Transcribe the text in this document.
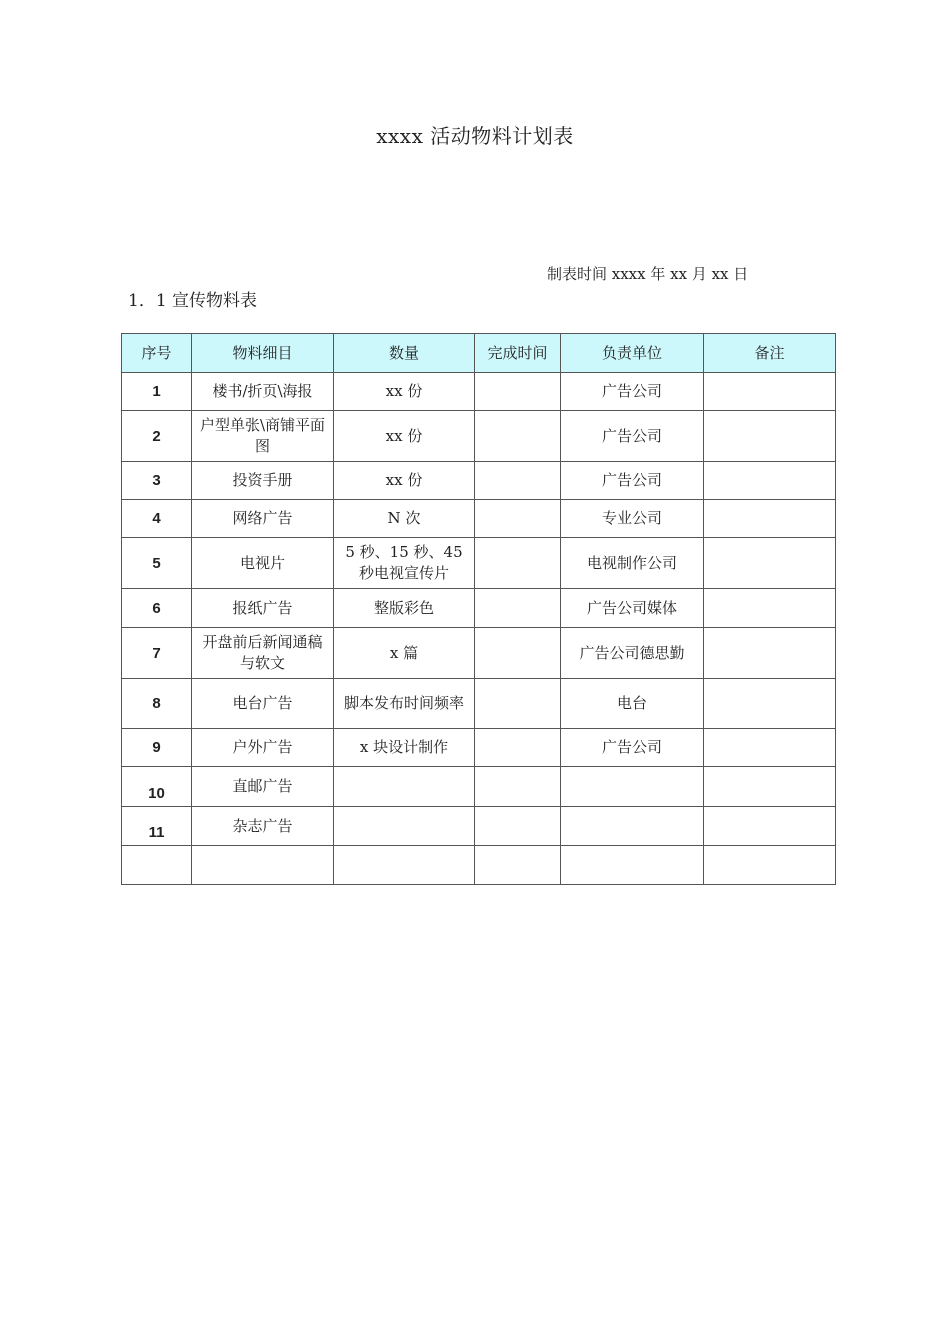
xxxx 活动物料计划表
制表时间 xxxx 年 xx 月 xx 日
1．1 宣传物料表
序号	物料细目	数量	完成时间	负责单位	备注
1	楼书/折页\海报	xx 份		广告公司	
2	户型单张\商铺平面图	xx 份		广告公司	
3	投资手册	xx 份		广告公司	
4	网络广告	N 次		专业公司	
5	电视片	5 秒、15 秒、45 秒电视宣传片		电视制作公司	
6	报纸广告	整版彩色		广告公司媒体	
7	开盘前后新闻通稿与软文	x 篇		广告公司德思勤	
8	电台广告	脚本发布时间频率		电台	
9	户外广告	x 块设计制作		广告公司	
10	直邮广告				
11	杂志广告				
